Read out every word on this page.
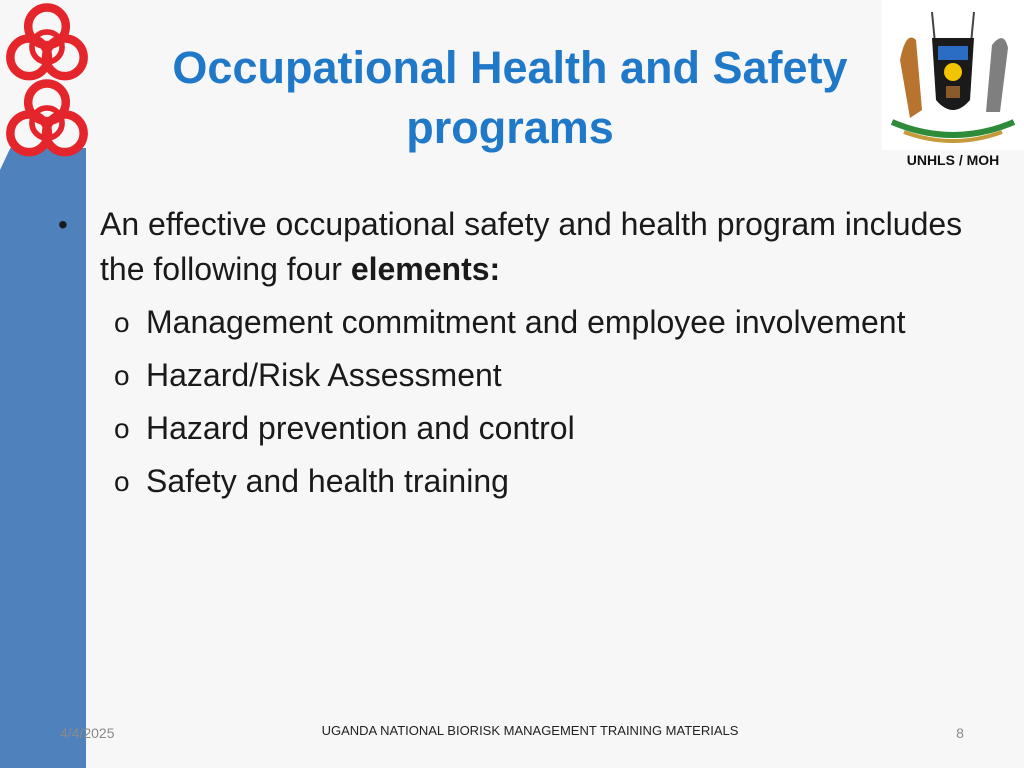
Occupational Health and Safety
programs
UNHLS / MOH
• An effective occupational safety and health program includes the following four elements:
o Management commitment and employee involvement
o Hazard/Risk Assessment
o Hazard prevention and control
o Safety and health training
4/4/2025	UGANDA NATIONAL BIORISK MANAGEMENT TRAINING MATERIALS	8
